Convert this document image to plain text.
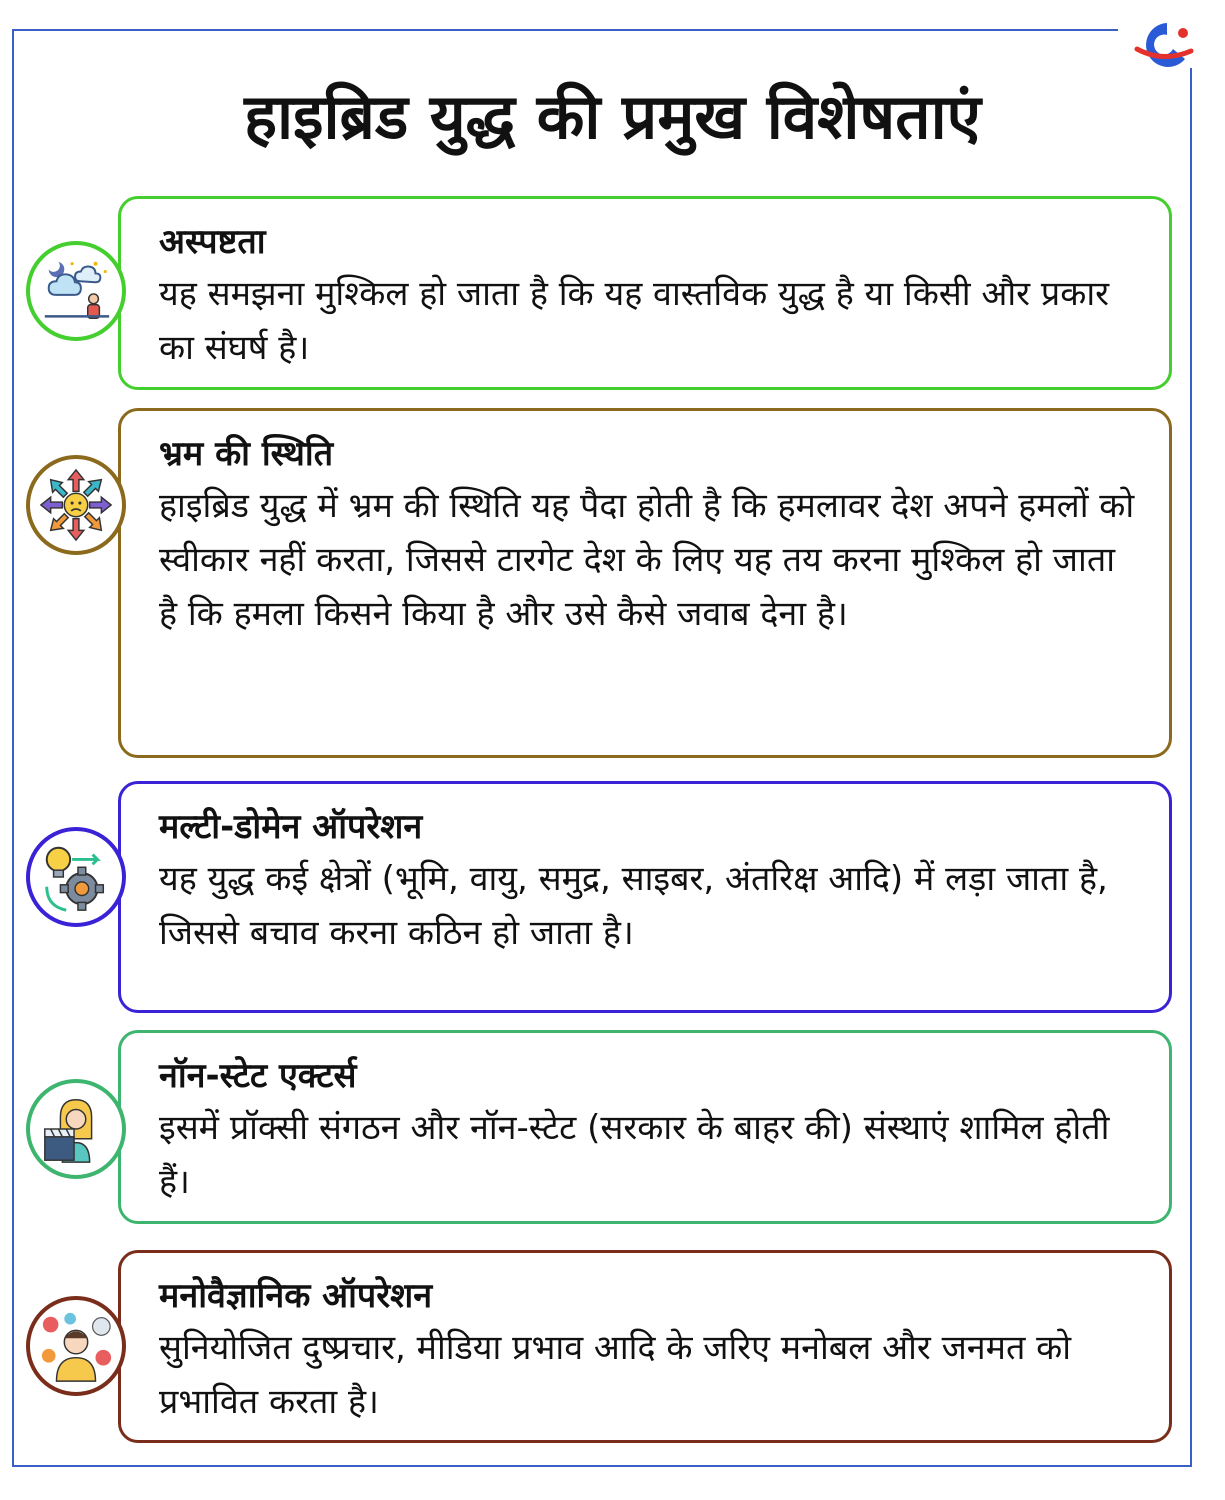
हाइब्रिड युद्ध की प्रमुख विशेषताएं
अस्पष्टता

यह समझना मुश्किल हो जाता है कि यह वास्तविक युद्ध है या किसी और प्रकार का संघर्ष है।

भ्रम की स्थिति

हाइब्रिड युद्ध में भ्रम की स्थिति यह पैदा होती है कि हमलावर देश अपने हमलों को स्वीकार नहीं करता, जिससे टारगेट देश के लिए यह तय करना मुश्किल हो जाता है कि हमला किसने किया है और उसे कैसे जवाब देना है।

मल्टी-डोमेन ऑपरेशन

यह युद्ध कई क्षेत्रों (भूमि, वायु, समुद्र, साइबर, अंतरिक्ष आदि) में लड़ा जाता है, जिससे बचाव करना कठिन हो जाता है।

नॉन-स्टेट एक्टर्स

इसमें प्रॉक्सी संगठन और नॉन-स्टेट (सरकार के बाहर की) संस्थाएं शामिल होती हैं।

मनोवैज्ञानिक ऑपरेशन

सुनियोजित दुष्प्रचार, मीडिया प्रभाव आदि के जरिए मनोबल और जनमत को प्रभावित करता है।
